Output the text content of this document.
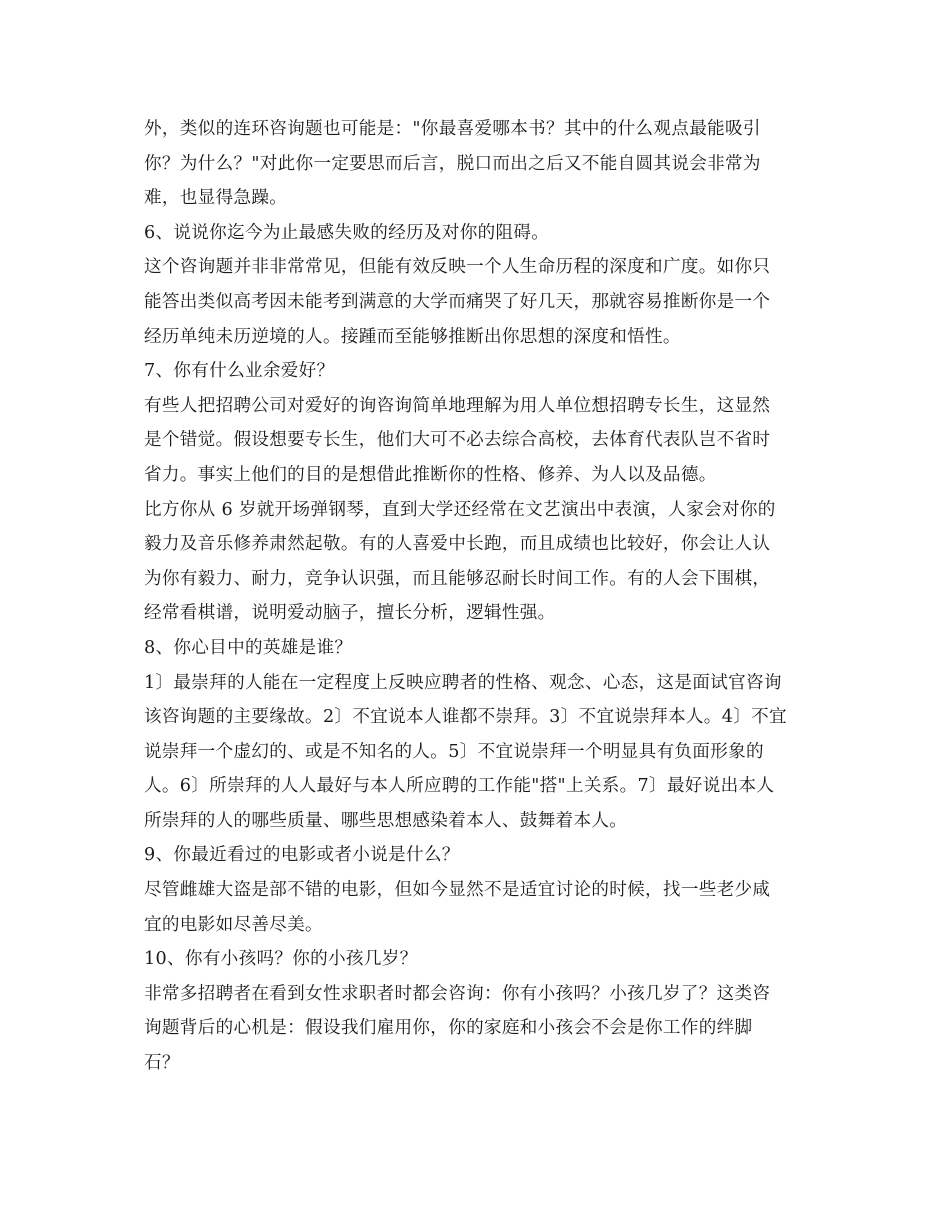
外，类似的连环咨询题也可能是："你最喜爱哪本书？其中的什么观点最能吸引
你？为什么？"对此你一定要思而后言，脱口而出之后又不能自圆其说会非常为
难，也显得急躁。
6、说说你迄今为止最感失败的经历及对你的阻碍。
这个咨询题并非非常常见，但能有效反映一个人生命历程的深度和广度。如你只
能答出类似高考因未能考到满意的大学而痛哭了好几天，那就容易推断你是一个
经历单纯未历逆境的人。接踵而至能够推断出你思想的深度和悟性。
7、你有什么业余爱好？
有些人把招聘公司对爱好的询咨询简单地理解为用人单位想招聘专长生，这显然
是个错觉。假设想要专长生，他们大可不必去综合高校，去体育代表队岂不省时
省力。事实上他们的目的是想借此推断你的性格、修养、为人以及品德。
比方你从 6 岁就开场弹钢琴，直到大学还经常在文艺演出中表演，人家会对你的
毅力及音乐修养肃然起敬。有的人喜爱中长跑，而且成绩也比较好，你会让人认
为你有毅力、耐力，竞争认识强，而且能够忍耐长时间工作。有的人会下围棋，
经常看棋谱，说明爱动脑子，擅长分析，逻辑性强。
8、你心目中的英雄是谁？
1〕最崇拜的人能在一定程度上反映应聘者的性格、观念、心态，这是面试官咨询
该咨询题的主要缘故。2〕不宜说本人谁都不崇拜。3〕不宜说崇拜本人。4〕不宜
说崇拜一个虚幻的、或是不知名的人。5〕不宜说崇拜一个明显具有负面形象的
人。6〕所崇拜的人人最好与本人所应聘的工作能"搭"上关系。7〕最好说出本人
所崇拜的人的哪些质量、哪些思想感染着本人、鼓舞着本人。
9、你最近看过的电影或者小说是什么？
尽管雌雄大盗是部不错的电影，但如今显然不是适宜讨论的时候，找一些老少咸
宜的电影如尽善尽美。
10、你有小孩吗？你的小孩几岁？
非常多招聘者在看到女性求职者时都会咨询：你有小孩吗？小孩几岁了？这类咨
询题背后的心机是：假设我们雇用你，你的家庭和小孩会不会是你工作的绊脚
石？
